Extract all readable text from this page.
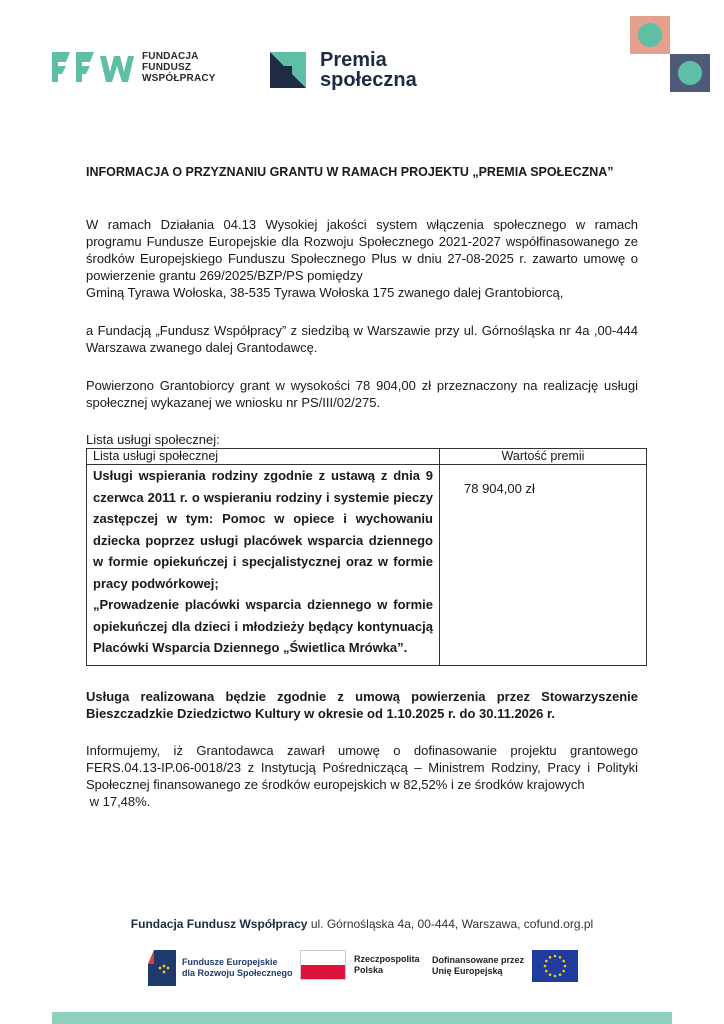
FUNDACJA
FUNDUSZ
WSPÓŁPRACY
Premia
społeczna
INFORMACJA O PRZYZNANIU GRANTU W RAMACH PROJEKTU „PREMIA SPOŁECZNA”
W ramach Działania 04.13 Wysokiej jakości system włączenia społecznego w ramach programu Fundusze Europejskie dla Rozwoju Społecznego 2021-2027 współfinasowanego ze środków Europejskiego Funduszu Społecznego Plus w dniu 27-08-2025 r. zawarto umowę o powierzenie grantu 269/2025/BZP/PS pomiędzy
Gminą Tyrawa Wołoska, 38-535 Tyrawa Wołoska 175 zwanego dalej Grantobiorcą,
a Fundacją „Fundusz Współpracy” z siedzibą w Warszawie przy ul. Górnośląska nr 4a ,00-444 Warszawa zwanego dalej Grantodawcę.
Powierzono Grantobiorcy grant w wysokości 78 904,00 zł przeznaczony na realizację usługi społecznej wykazanej we wniosku nr PS/III/02/275.
Lista usługi społecznej:
Lista usługi społecznej	Wartość premii

Usługi wspierania rodziny zgodnie z ustawą z dnia 9 czerwca 2011 r. o wspieraniu rodziny i systemie pieczy zastępczej w tym: Pomoc w opiece i wychowaniu dziecka poprzez usługi placówek wsparcia dziennego w formie opiekuńczej i specjalistycznej oraz w formie pracy podwórkowej;
„Prowadzenie placówki wsparcia dziennego w formie opiekuńczej dla dzieci i młodzieży będący kontynuacją Placówki Wsparcia Dziennego „Świetlica Mrówka”.	78 904,00 zł
Usługa realizowana będzie zgodnie z umową powierzenia przez Stowarzyszenie Bieszczadzkie Dziedzictwo Kultury w okresie od 1.10.2025 r. do 30.11.2026 r.
Informujemy, iż Grantodawca zawarł umowę o dofinasowanie projektu grantowego FERS.04.13-IP.06-0018/23 z Instytucją Pośredniczącą – Ministrem Rodziny, Pracy i Polityki Społecznej finansowanego ze środków europejskich w 82,52% i ze środków krajowych
w 17,48%.
Fundacja Fundusz Współpracy ul. Górnośląska 4a, 00-444, Warszawa, cofund.org.pl
Fundusze Europejskie
dla Rozwoju Społecznego
Rzeczpospolita
Polska
Dofinansowane przez
Unię Europejską
